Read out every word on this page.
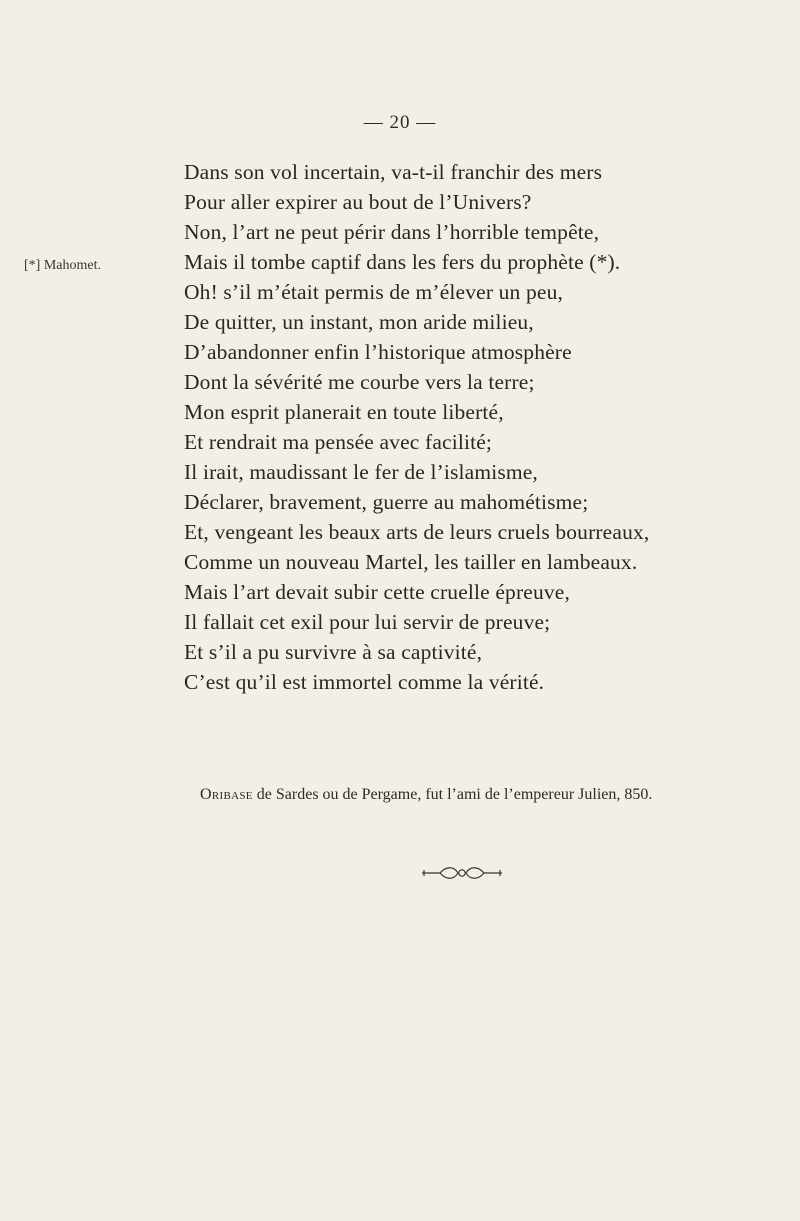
— 20 —
[*] Mahomet.
Dans son vol incertain, va-t-il franchir des mers
Pour aller expirer au bout de l’Univers?
Non, l’art ne peut périr dans l’horrible tempête,
Mais il tombe captif dans les fers du prophète (*).
Oh! s’il m’était permis de m’élever un peu,
De quitter, un instant, mon aride milieu,
D’abandonner enfin l’historique atmosphère
Dont la sévérité me courbe vers la terre;
Mon esprit planerait en toute liberté,
Et rendrait ma pensée avec facilité;
Il irait, maudissant le fer de l’islamisme,
Déclarer, bravement, guerre au mahométisme;
Et, vengeant les beaux arts de leurs cruels bourreaux,
Comme un nouveau Martel, les tailler en lambeaux.
Mais l’art devait subir cette cruelle épreuve,
Il fallait cet exil pour lui servir de preuve;
Et s’il a pu survivre à sa captivité,
C’est qu’il est immortel comme la vérité.
Oribase de Sardes ou de Pergame, fut l’ami de l’empereur Julien, 850.
